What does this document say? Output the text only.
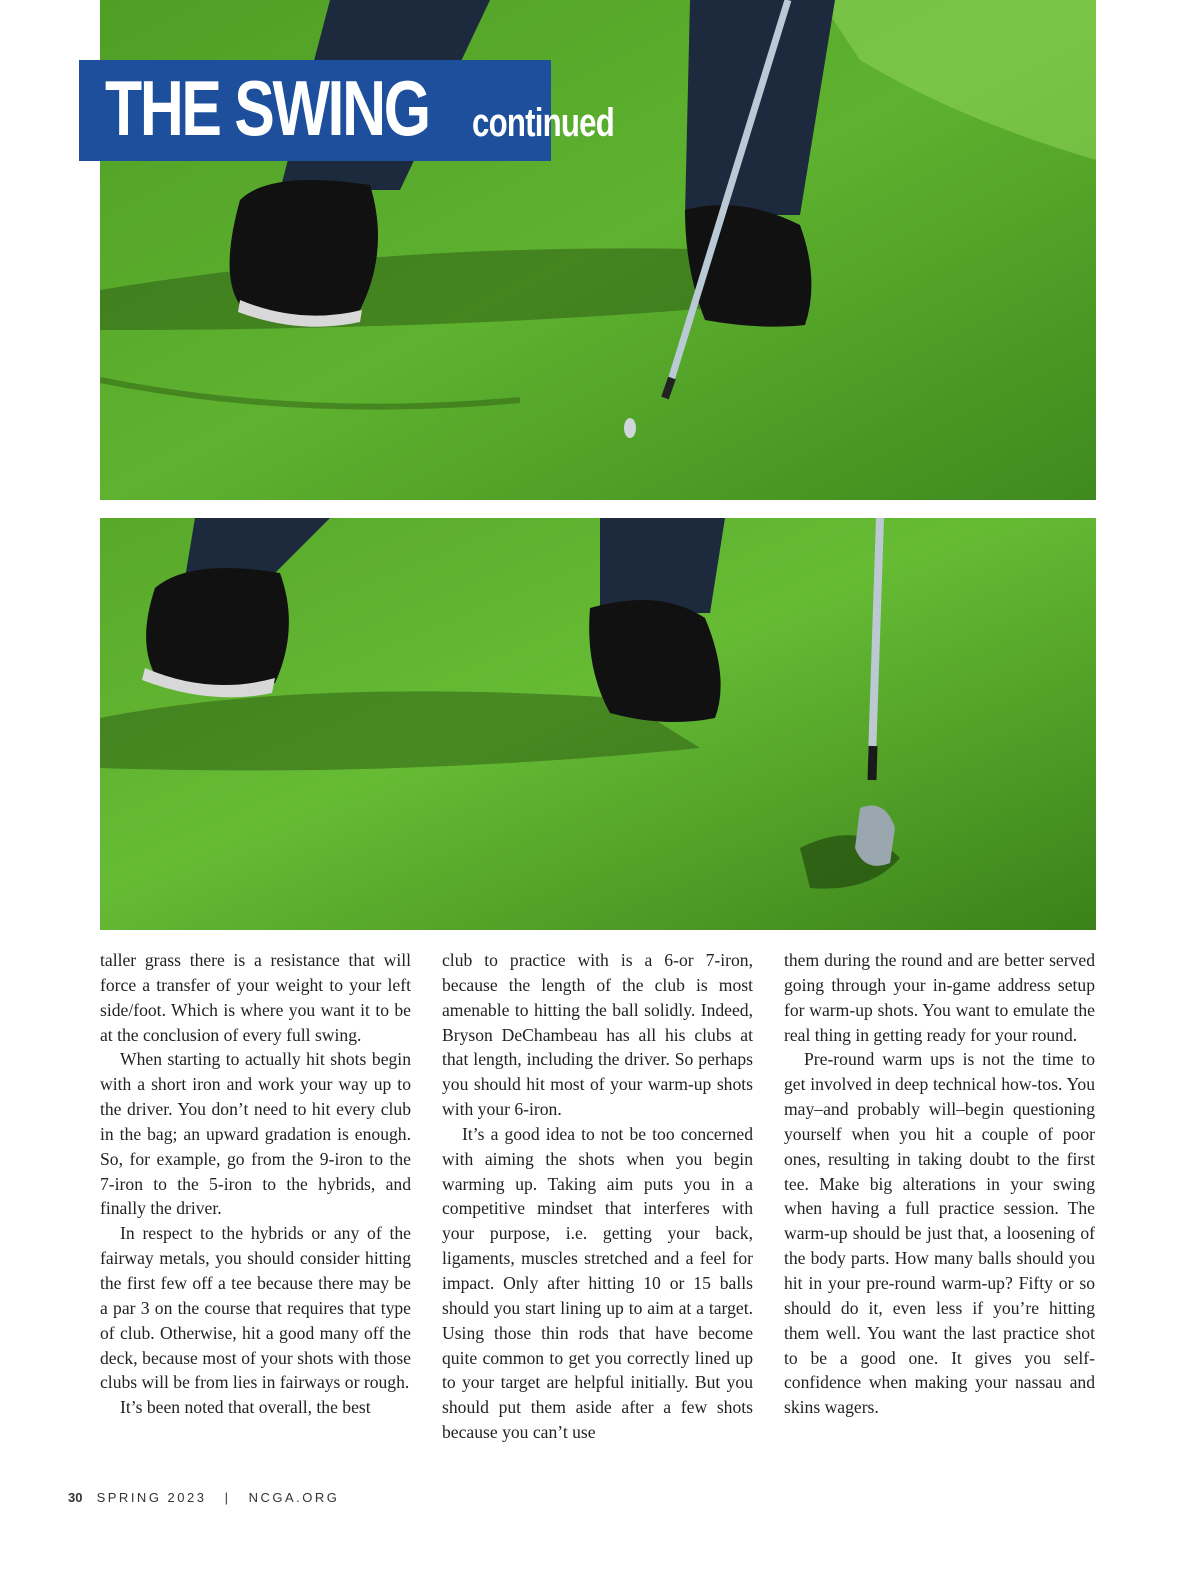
THE SWING continued

taller grass there is a resistance that will force a transfer of your weight to your left side/foot. Which is where you want it to be at the conclusion of every full swing.

When starting to actually hit shots begin with a short iron and work your way up to the driver. You don’t need to hit every club in the bag; an upward gradation is enough. So, for example, go from the 9-iron to the 7-iron to the 5-iron to the hybrids, and finally the driver.

In respect to the hybrids or any of the fairway metals, you should consider hitting the first few off a tee because there may be a par 3 on the course that requires that type of club. Otherwise, hit a good many off the deck, because most of your shots with those clubs will be from lies in fairways or rough.

It’s been noted that overall, the best

club to practice with is a 6-or 7-iron, because the length of the club is most amenable to hitting the ball solidly. Indeed, Bryson DeChambeau has all his clubs at that length, including the driver. So perhaps you should hit most of your warm-up shots with your 6-iron.

It’s a good idea to not be too concerned with aiming the shots when you begin warming up. Taking aim puts you in a competitive mindset that interferes with your purpose, i.e. getting your back, ligaments, muscles stretched and a feel for impact. Only after hitting 10 or 15 balls should you start lining up to aim at a target. Using those thin rods that have become quite common to get you correctly lined up to your target are helpful initially. But you should put them aside after a few shots because you can’t use

them during the round and are better served going through your in-game address setup for warm-up shots. You want to emulate the real thing in getting ready for your round.

Pre-round warm ups is not the time to get involved in deep technical how-tos. You may–and probably will–begin questioning yourself when you hit a couple of poor ones, resulting in taking doubt to the first tee. Make big alterations in your swing when having a full practice session. The warm-up should be just that, a loosening of the body parts. How many balls should you hit in your pre-round warm-up? Fifty or so should do it, even less if you’re hitting them well. You want the last practice shot to be a good one. It gives you self-confidence when making your nassau and skins wagers.

30 SPRING 2023 | NCGA.ORG
